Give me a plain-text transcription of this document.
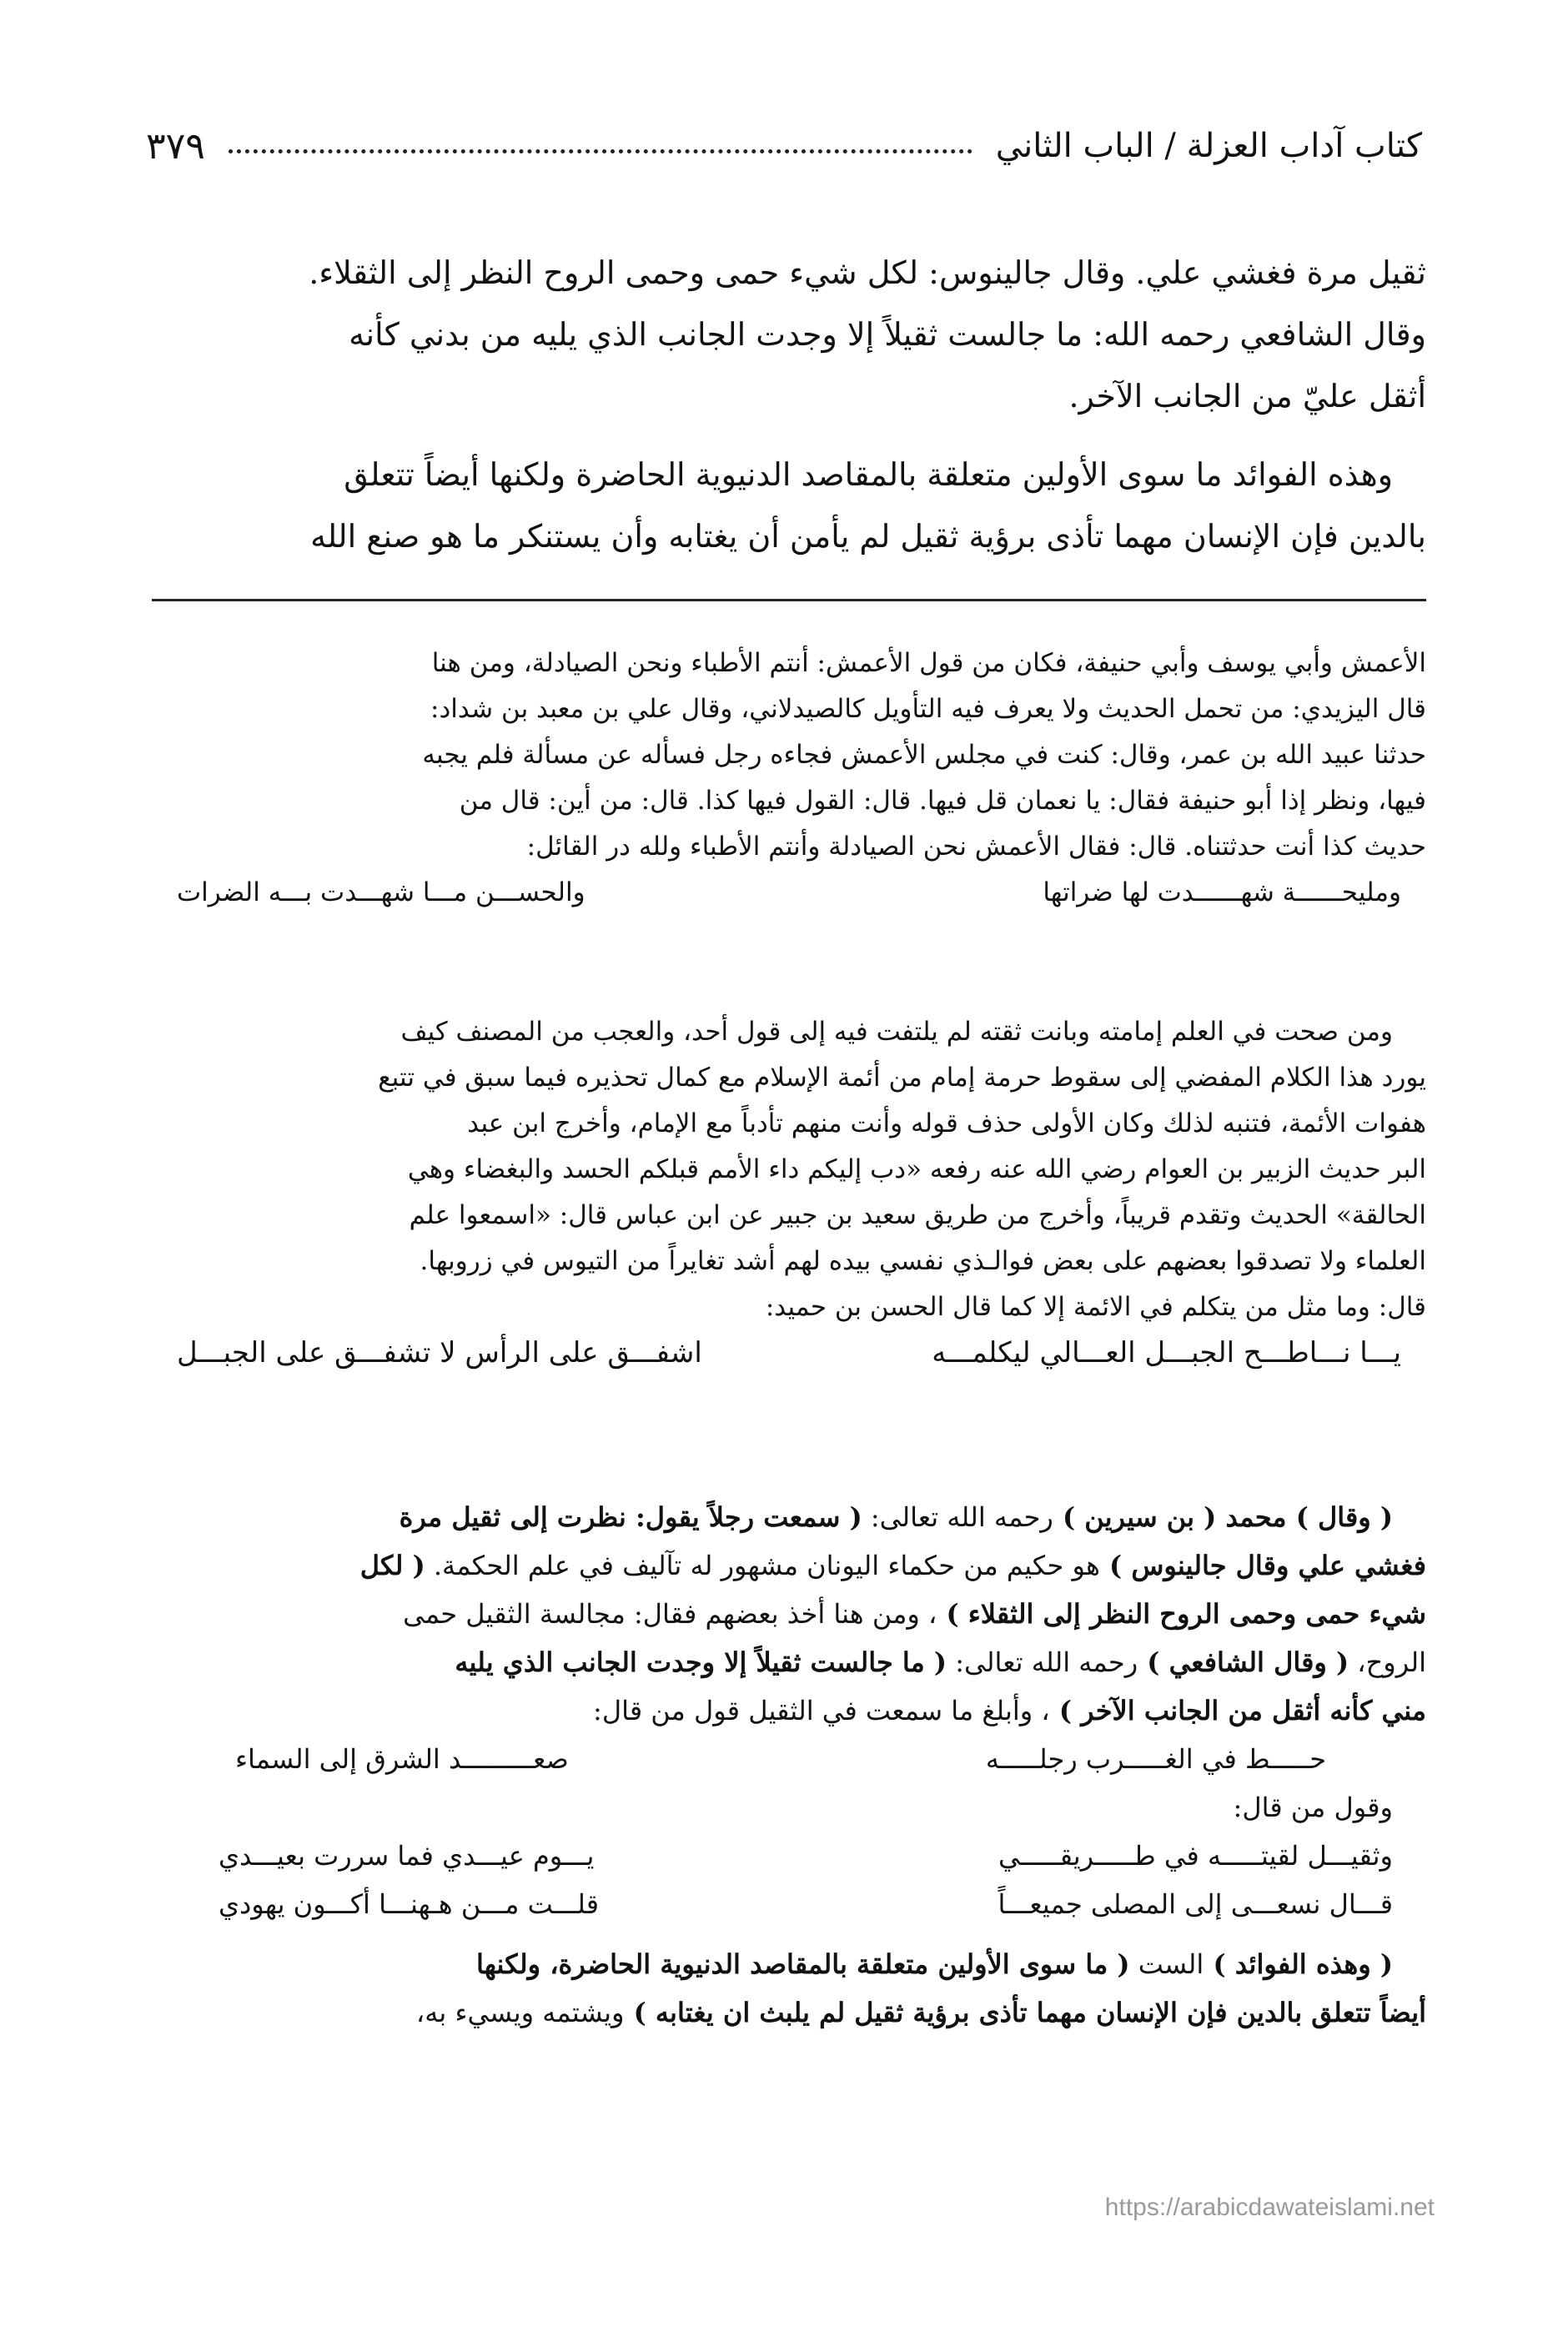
٣٧٩	كتاب آداب العزلة / الباب الثاني
ثقيل مرة فغشي علي. وقال جالينوس: لكل شيء حمى وحمى الروح النظر إلى الثقلاء.
وقال الشافعي رحمه الله: ما جالست ثقيلاً إلا وجدت الجانب الذي يليه من بدني كأنه
أثقل عليّ من الجانب الآخر.
وهذه الفوائد ما سوى الأولين متعلقة بالمقاصد الدنيوية الحاضرة ولكنها أيضاً تتعلق
بالدين فإن الإنسان مهما تأذى برؤية ثقيل لم يأمن أن يغتابه وأن يستنكر ما هو صنع الله
الأعمش وأبي يوسف وأبي حنيفة، فكان من قول الأعمش: أنتم الأطباء ونحن الصيادلة، ومن هنا
قال اليزيدي: من تحمل الحديث ولا يعرف فيه التأويل كالصيدلاني، وقال علي بن معبد بن شداد:
حدثنا عبيد الله بن عمر، وقال: كنت في مجلس الأعمش فجاءه رجل فسأله عن مسألة فلم يجبه
فيها، ونظر إذا أبو حنيفة فقال: يا نعمان قل فيها. قال: القول فيها كذا. قال: من أين: قال من
حديث كذا أنت حدثتناه. قال: فقال الأعمش نحن الصيادلة وأنتم الأطباء ولله در القائل:
ومليحــــــة شهــــــدت لها ضراتها
والحســـن مـــا شهـــدت بـــه الضرات
ومن صحت في العلم إمامته وبانت ثقته لم يلتفت فيه إلى قول أحد، والعجب من المصنف كيف
يورد هذا الكلام المفضي إلى سقوط حرمة إمام من أئمة الإسلام مع كمال تحذيره فيما سبق في تتبع
هفوات الأئمة، فتنبه لذلك وكان الأولى حذف قوله وأنت منهم تأدباً مع الإمام، وأخرج ابن عبد
البر حديث الزبير بن العوام رضي الله عنه رفعه «دب إليكم داء الأمم قبلكم الحسد والبغضاء وهي
الحالقة» الحديث وتقدم قريباً، وأخرج من طريق سعيد بن جبير عن ابن عباس قال: «اسمعوا علم
العلماء ولا تصدقوا بعضهم على بعض فوالـذي نفسي بيده لهم أشد تغايراً من التيوس في زروبها.
قال: وما مثل من يتكلم في الائمة إلا كما قال الحسن بن حميد:
يـــا نـــاطـــح الجبـــل العـــالي ليكلمـــه
اشفـــق على الرأس لا تشفـــق على الجبـــل
( وقال ) محمد ( بن سيرين ) رحمه الله تعالى: ( سمعت رجلاً يقول: نظرت إلى ثقيل مرة
فغشي علي وقال جالينوس ) هو حكيم من حكماء اليونان مشهور له تآليف في علم الحكمة. ( لكل
شيء حمى وحمى الروح النظر إلى الثقلاء ) ، ومن هنا أخذ بعضهم فقال: مجالسة الثقيل حمى
الروح، ( وقال الشافعي ) رحمه الله تعالى: ( ما جالست ثقيلاً إلا وجدت الجانب الذي يليه
مني كأنه أثقل من الجانب الآخر ) ، وأبلغ ما سمعت في الثقيل قول من قال:
حـــــط في الغـــــرب رجلـــــه
صعـــــــــد الشرق إلى السماء
وقول من قال:
وثقيـــل لقيتـــــه في طـــــريقـــــي
يـــوم عيـــدي فما سررت بعيـــدي
قـــال نسعـــى إلى المصلى جميعـــاً
قلـــت مـــن هـهنـــا أكـــون يهودي
( وهذه الفوائد ) الست ( ما سوى الأولين متعلقة بالمقاصد الدنيوية الحاضرة، ولكنها
أيضاً تتعلق بالدين فإن الإنسان مهما تأذى برؤية ثقيل لم يلبث ان يغتابه ) ويشتمه ويسيء به،
https://arabicdawateislami.net
